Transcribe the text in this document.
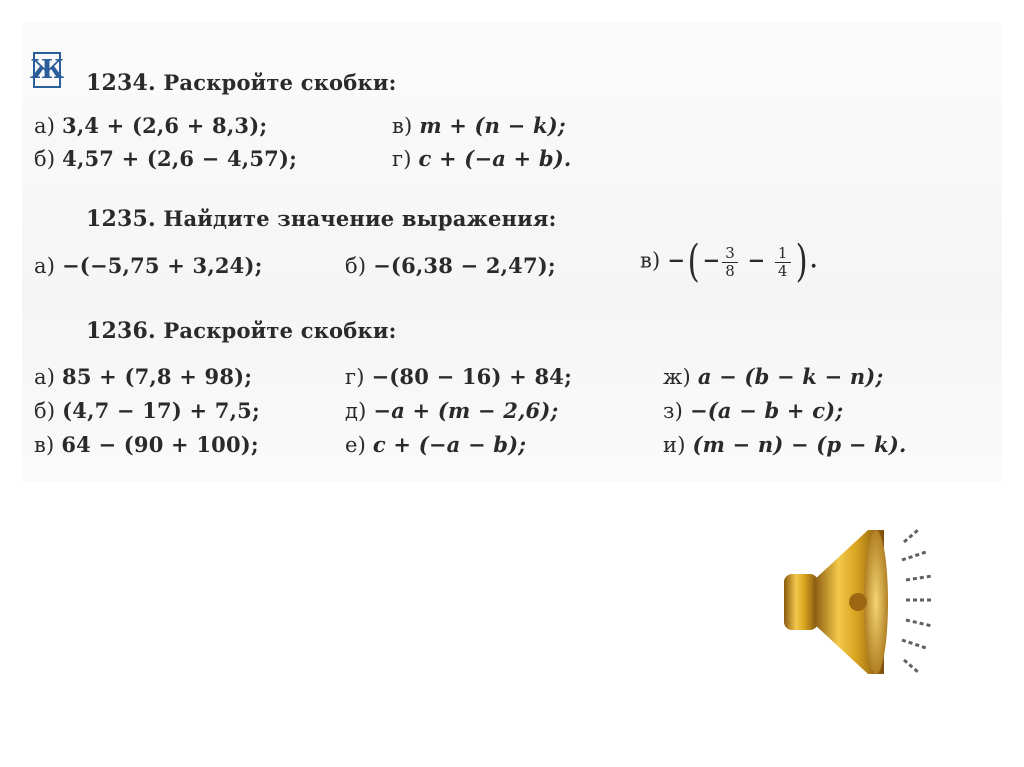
Ж 1234. Раскройте скобки:
а) 3,4 + (2,6 + 8,3);
б) 4,57 + (2,6 − 4,57);
в) m + (n − k);
г) c + (−a + b).
1235. Найдите значение выражения:
а) −(−5,75 + 3,24);	б) −(6,38 − 2,47);	в) −( − $\frac{3}{8} - \frac{1}{4}$ ) .
1236. Раскройте скобки:
а) 85 + (7,8 + 98);
б) (4,7 − 17) + 7,5;
в) 64 − (90 + 100);
г) −(80 − 16) + 84;
д) −a + (m − 2,6);
е) c + (−a − b);
ж) a − (b − k − n);
з) −(a − b + c);
и) (m − n) − (p − k).
